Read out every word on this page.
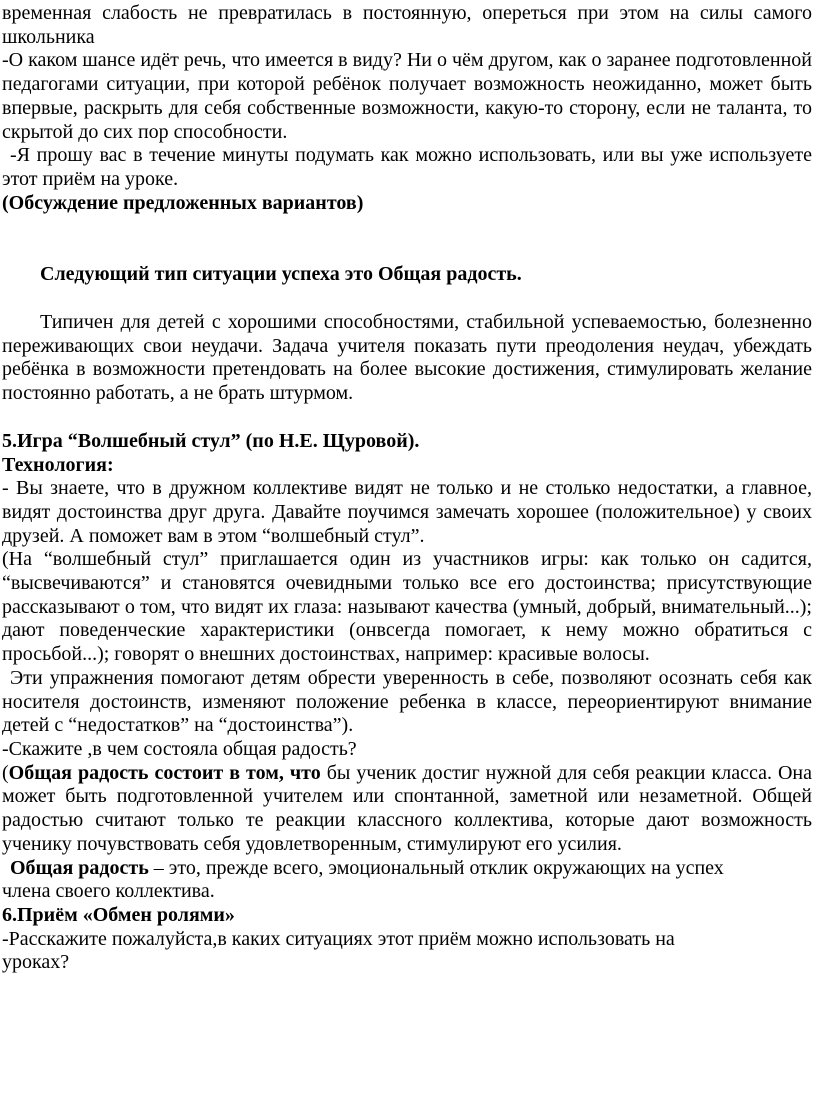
временная слабость не превратилась в постоянную, опереться при этом на силы самого школьника

-О каком шансе идёт речь, что имеется в виду? Ни о чём другом, как о заранее подготовленной педагогами ситуации, при которой ребёнок получает возможность неожиданно, может быть впервые, раскрыть для себя собственные возможности, какую-то сторону, если не таланта, то скрытой до сих пор способности.

-Я прошу вас в течение минуты подумать как можно использовать, или вы уже используете этот приём на уроке.

(Обсуждение предложенных вариантов)

Следующий тип ситуации успеха это Общая радость.

Типичен для детей с хорошими способностями, стабильной успеваемостью, болезненно переживающих свои неудачи. Задача учителя показать пути преодоления неудач, убеждать ребёнка в возможности претендовать на более высокие достижения, стимулировать желание постоянно работать, а не брать штурмом.

5.Игра “Волшебный стул” (по Н.Е. Щуровой).

Технология:

- Вы знаете, что в дружном коллективе видят не только и не столько недостатки, а главное, видят достоинства друг друга. Давайте поучимся замечать хорошее (положительное) у своих друзей. А поможет вам в этом “волшебный стул”.

(На “волшебный стул” приглашается один из участников игры: как только он садится, “высвечиваются” и становятся очевидными только все его достоинства; присутствующие рассказывают о том, что видят их глаза: называют качества (умный, добрый, внимательный...); дают поведенческие характеристики (онвсегда помогает, к нему можно обратиться с просьбой...); говорят о внешних достоинствах, например: красивые волосы.

Эти упражнения помогают детям обрести уверенность в себе, позволяют осознать себя как носителя достоинств, изменяют положение ребенка в классе, переориентируют внимание детей с “недостатков” на “достоинства”).

-Скажите ,в чем состояла общая радость?

(Общая радость состоит в том, что бы ученик достиг нужной для себя реакции класса. Она может быть подготовленной учителем или спонтанной, заметной или незаметной. Общей радостью считают только те реакции классного коллектива, которые дают возможность ученику почувствовать себя удовлетворенным, стимулируют его усилия.

Общая радость – это, прежде всего, эмоциональный отклик окружающих на успех члена своего коллектива.

6.Приём «Обмен ролями»

-Расскажите пожалуйста,в каких ситуациях этот приём можно использовать на уроках?
